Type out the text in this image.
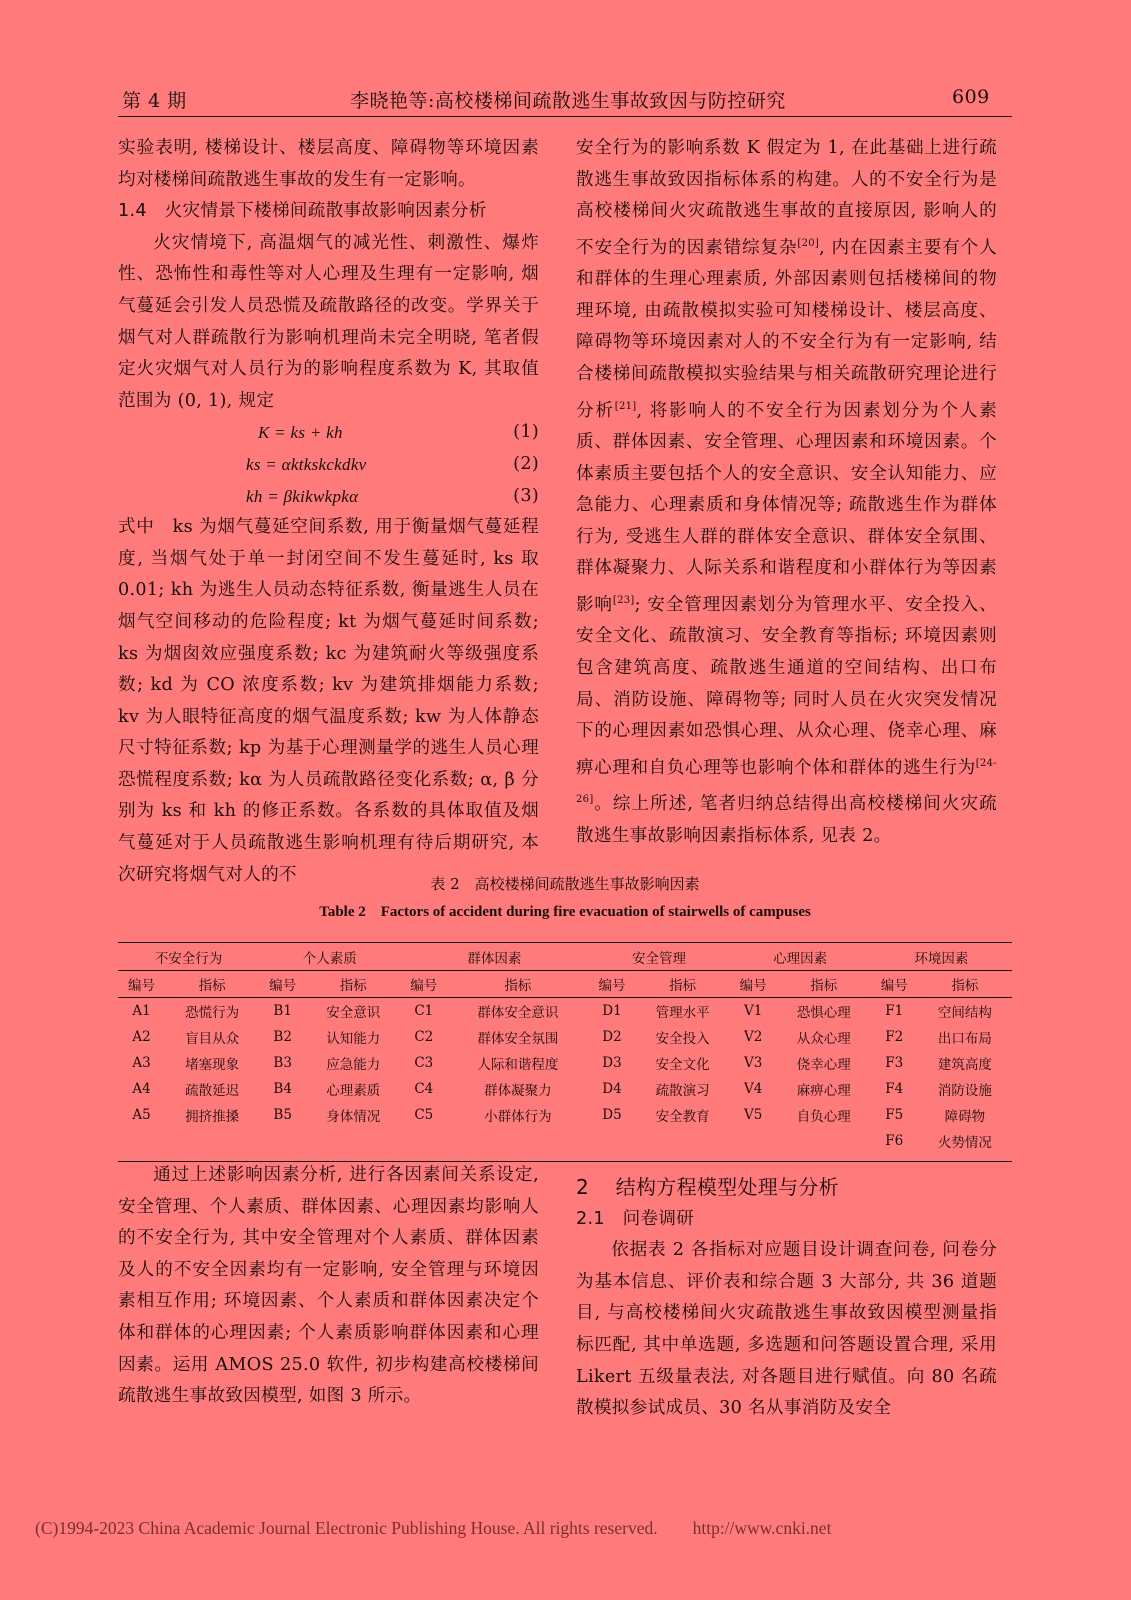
第 4 期	李晓艳等:高校楼梯间疏散逃生事故致因与防控研究	609

实验表明, 楼梯设计、楼层高度、障碍物等环境因素均对楼梯间疏散逃生事故的发生有一定影响。

1.4 火灾情景下楼梯间疏散事故影响因素分析

火灾情境下, 高温烟气的减光性、刺激性、爆炸性、恐怖性和毒性等对人心理及生理有一定影响, 烟气蔓延会引发人员恐慌及疏散路径的改变。学界关于烟气对人群疏散行为影响机理尚未完全明晓, 笔者假定火灾烟气对人员行为的影响程度系数为 K, 其取值范围为 (0, 1), 规定

K = ks + kh	(1)
ks = αktkskckdkv	(2)
kh = βkikwkpkα	(3)

式中　ks 为烟气蔓延空间系数, 用于衡量烟气蔓延程度, 当烟气处于单一封闭空间不发生蔓延时, ks 取 0.01; kh 为逃生人员动态特征系数, 衡量逃生人员在烟气空间移动的危险程度; kt 为烟气蔓延时间系数; ks 为烟囱效应强度系数; kc 为建筑耐火等级强度系数; kd 为 CO 浓度系数; kv 为建筑排烟能力系数; kv 为人眼特征高度的烟气温度系数; kw 为人体静态尺寸特征系数; kp 为基于心理测量学的逃生人员心理恐慌程度系数; kα 为人员疏散路径变化系数; α, β 分别为 ks 和 kh 的修正系数。各系数的具体取值及烟气蔓延对于人员疏散逃生影响机理有待后期研究, 本次研究将烟气对人的不

安全行为的影响系数 K 假定为 1, 在此基础上进行疏散逃生事故致因指标体系的构建。人的不安全行为是高校楼梯间火灾疏散逃生事故的直接原因, 影响人的不安全行为的因素错综复杂[20], 内在因素主要有个人和群体的生理心理素质, 外部因素则包括楼梯间的物理环境, 由疏散模拟实验可知楼梯设计、楼层高度、障碍物等环境因素对人的不安全行为有一定影响, 结合楼梯间疏散模拟实验结果与相关疏散研究理论进行分析[21], 将影响人的不安全行为因素划分为个人素质、群体因素、安全管理、心理因素和环境因素。个体素质主要包括个人的安全意识、安全认知能力、应急能力、心理素质和身体情况等; 疏散逃生作为群体行为, 受逃生人群的群体安全意识、群体安全氛围、群体凝聚力、人际关系和谐程度和小群体行为等因素影响[23]; 安全管理因素划分为管理水平、安全投入、安全文化、疏散演习、安全教育等指标; 环境因素则包含建筑高度、疏散逃生通道的空间结构、出口布局、消防设施、障碍物等; 同时人员在火灾突发情况下的心理因素如恐惧心理、从众心理、侥幸心理、麻痹心理和自负心理等也影响个体和群体的逃生行为[24-26]。综上所述, 笔者归纳总结得出高校楼梯间火灾疏散逃生事故影响因素指标体系, 见表 2。

表 2　高校楼梯间疏散逃生事故影响因素
Table 2　Factors of accident during fire evacuation of stairwells of campuses
不安全行为		个人素质		群体因素		安全管理		心理因素		环境因素	
编号	指标	编号	指标	编号	指标	编号	指标	编号	指标	编号	指标
A1	恐慌行为	B1	安全意识	C1	群体安全意识	D1	管理水平	V1	恐惧心理	F1	空间结构
A2	盲目从众	B2	认知能力	C2	群体安全氛围	D2	安全投入	V2	从众心理	F2	出口布局
A3	堵塞现象	B3	应急能力	C3	人际和谐程度	D3	安全文化	V3	侥幸心理	F3	建筑高度
A4	疏散延迟	B4	心理素质	C4	群体凝聚力	D4	疏散演习	V4	麻痹心理	F4	消防设施
A5	拥挤推搡	B5	身体情况	C5	小群体行为	D5	安全教育	V5	自负心理	F5	障碍物
										F6	火势情况

通过上述影响因素分析, 进行各因素间关系设定, 安全管理、个人素质、群体因素、心理因素均影响人的不安全行为, 其中安全管理对个人素质、群体因素及人的不安全因素均有一定影响, 安全管理与环境因素相互作用; 环境因素、个人素质和群体因素决定个体和群体的心理因素; 个人素质影响群体因素和心理因素。运用 AMOS 25.0 软件, 初步构建高校楼梯间疏散逃生事故致因模型, 如图 3 所示。

2 结构方程模型处理与分析

2.1 问卷调研

依据表 2 各指标对应题目设计调查问卷, 问卷分为基本信息、评价表和综合题 3 大部分, 共 36 道题目, 与高校楼梯间火灾疏散逃生事故致因模型测量指标匹配, 其中单选题, 多选题和问答题设置合理, 采用 Likert 五级量表法, 对各题目进行赋值。向 80 名疏散模拟参试成员、30 名从事消防及安全

(C)1994-2023 China Academic Journal Electronic Publishing House. All rights reserved.　　http://www.cnki.net
